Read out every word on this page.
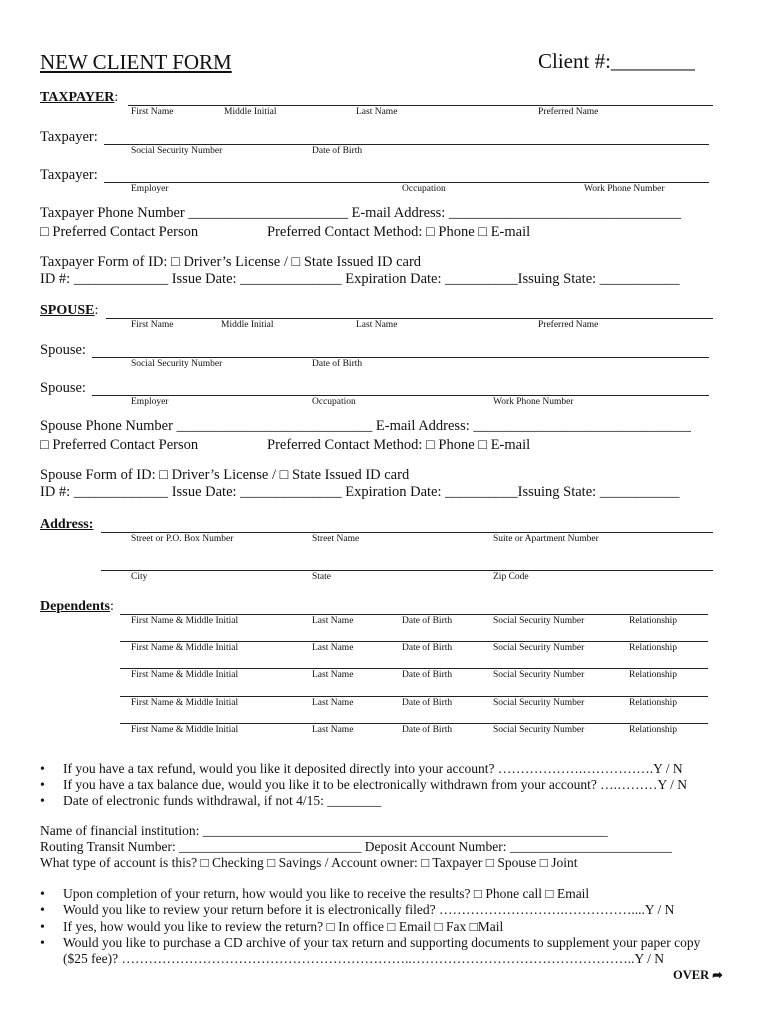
NEW CLIENT FORM	Client #:________
TAXPAYER:
First Name	Middle Initial	Last Name	Preferred Name
Taxpayer:
Social Security Number	Date of Birth
Taxpayer:
Employer	Occupation	Work Phone Number
Taxpayer Phone Number ______________________ E-mail Address: ________________________________
□ Preferred Contact Person	Preferred Contact Method: □ Phone □ E-mail
Taxpayer Form of ID: □ Driver’s License / □ State Issued ID card
ID #: _____________ Issue Date: ______________ Expiration Date: __________Issuing State: ___________
SPOUSE:
First Name	Middle Initial	Last Name	Preferred Name
Spouse:
Social Security Number	Date of Birth
Spouse:
Employer	Occupation	Work Phone Number
Spouse Phone Number ___________________________ E-mail Address: ______________________________
□ Preferred Contact Person	Preferred Contact Method: □ Phone □ E-mail
Spouse Form of ID: □ Driver’s License / □ State Issued ID card
ID #: _____________ Issue Date: ______________ Expiration Date: __________Issuing State: ___________
Address:
Street or P.O. Box Number	Street Name	Suite or Apartment Number
City	State	Zip Code
Dependents:
First Name & Middle Initial	Last Name	Date of Birth	Social Security Number	Relationship
First Name & Middle Initial	Last Name	Date of Birth	Social Security Number	Relationship
First Name & Middle Initial	Last Name	Date of Birth	Social Security Number	Relationship
First Name & Middle Initial	Last Name	Date of Birth	Social Security Number	Relationship
First Name & Middle Initial	Last Name	Date of Birth	Social Security Number	Relationship
• If you have a tax refund, would you like it deposited directly into your account? ……………….…………….Y / N
• If you have a tax balance due, would you like it to be electronically withdrawn from your account? ….………Y / N
• Date of electronic funds withdrawal, if not 4/15: ________
Name of financial institution: ____________________________________________________________
Routing Transit Number: ___________________________ Deposit Account Number: ________________________
What type of account is this? □ Checking □ Savings / Account owner: □ Taxpayer □ Spouse □ Joint
• Upon completion of your return, how would you like to receive the results? □ Phone call □ Email
• Would you like to review your return before it is electronically filed? ……………………….……………....Y / N
• If yes, how would you like to review the return? □ In office □ Email □ Fax □Mail
• Would you like to purchase a CD archive of your tax return and supporting documents to supplement your paper copy
($25 fee)? ………………………………………………………..…………………………………………..Y / N
OVER ➦
